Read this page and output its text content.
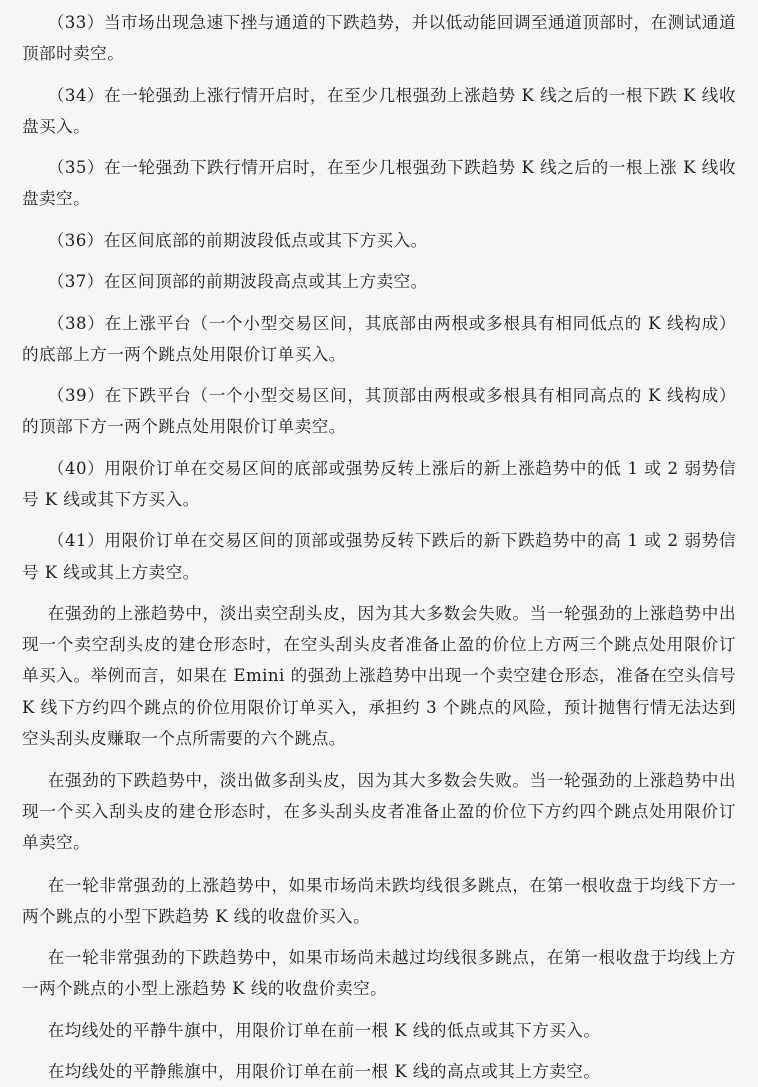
（33）当市场出现急速下挫与通道的下跌趋势，并以低动能回调至通道顶部时，在测试通道顶部时卖空。

（34）在一轮强劲上涨行情开启时，在至少几根强劲上涨趋势 K 线之后的一根下跌 K 线收盘买入。

（35）在一轮强劲下跌行情开启时，在至少几根强劲下跌趋势 K 线之后的一根上涨 K 线收盘卖空。

（36）在区间底部的前期波段低点或其下方买入。

（37）在区间顶部的前期波段高点或其上方卖空。

（38）在上涨平台（一个小型交易区间，其底部由两根或多根具有相同低点的 K 线构成）的底部上方一两个跳点处用限价订单买入。

（39）在下跌平台（一个小型交易区间，其顶部由两根或多根具有相同高点的 K 线构成）的顶部下方一两个跳点处用限价订单卖空。

（40）用限价订单在交易区间的底部或强势反转上涨后的新上涨趋势中的低 1 或 2 弱势信号 K 线或其下方买入。

（41）用限价订单在交易区间的顶部或强势反转下跌后的新下跌趋势中的高 1 或 2 弱势信号 K 线或其上方卖空。

在强劲的上涨趋势中，淡出卖空刮头皮，因为其大多数会失败。当一轮强劲的上涨趋势中出现一个卖空刮头皮的建仓形态时，在空头刮头皮者准备止盈的价位上方两三个跳点处用限价订单买入。举例而言，如果在 Emini 的强劲上涨趋势中出现一个卖空建仓形态，准备在空头信号 K 线下方约四个跳点的价位用限价订单买入，承担约 3 个跳点的风险，预计抛售行情无法达到空头刮头皮赚取一个点所需要的六个跳点。

在强劲的下跌趋势中，淡出做多刮头皮，因为其大多数会失败。当一轮强劲的上涨趋势中出现一个买入刮头皮的建仓形态时，在多头刮头皮者准备止盈的价位下方约四个跳点处用限价订单卖空。

在一轮非常强劲的上涨趋势中，如果市场尚未跌均线很多跳点，在第一根收盘于均线下方一两个跳点的小型下跌趋势 K 线的收盘价买入。

在一轮非常强劲的下跌趋势中，如果市场尚未越过均线很多跳点，在第一根收盘于均线上方一两个跳点的小型上涨趋势 K 线的收盘价卖空。

在均线处的平静牛旗中，用限价订单在前一根 K 线的低点或其下方买入。

在均线处的平静熊旗中，用限价订单在前一根 K 线的高点或其上方卖空。
